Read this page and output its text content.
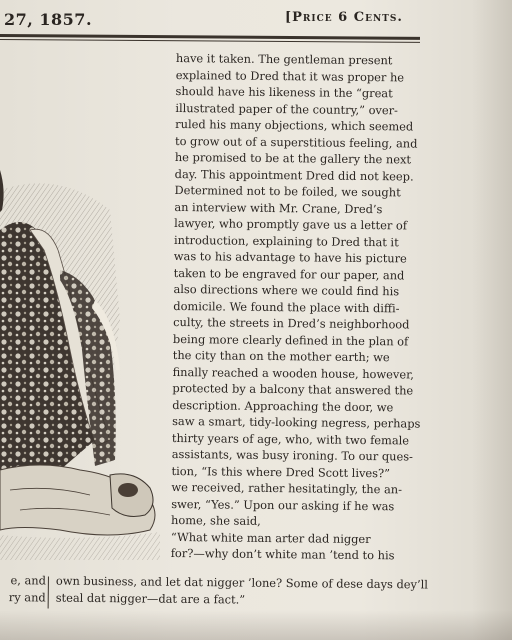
27, 1857.	[Price 6 Cents.
have it taken. The gentleman present
explained to Dred that it was proper he
should have his likeness in the “great
illustrated paper of the country,” over-
ruled his many objections, which seemed
to grow out of a superstitious feeling, and
he promised to be at the gallery the next
day. This appointment Dred did not keep.
Determined not to be foiled, we sought
an interview with Mr. Crane, Dred’s
lawyer, who promptly gave us a letter of
introduction, explaining to Dred that it
was to his advantage to have his picture
taken to be engraved for our paper, and
also directions where we could find his
domicile. We found the place with diffi-
culty, the streets in Dred’s neighborhood
being more clearly defined in the plan of
the city than on the mother earth; we
finally reached a wooden house, however,
protected by a balcony that answered the
description. Approaching the door, we
saw a smart, tidy-looking negress, perhaps
thirty years of age, who, with two female
assistants, was busy ironing. To our ques-
tion, “Is this where Dred Scott lives?”
we received, rather hesitatingly, the an-
swer, “Yes.” Upon our asking if he was
home, she said,
“What white man arter dad nigger
for?—why don’t white man ’tend to his
e, and
ry and
own business, and let dat nigger ’lone? Some of dese days dey’ll
steal dat nigger—dat are a fact.”
